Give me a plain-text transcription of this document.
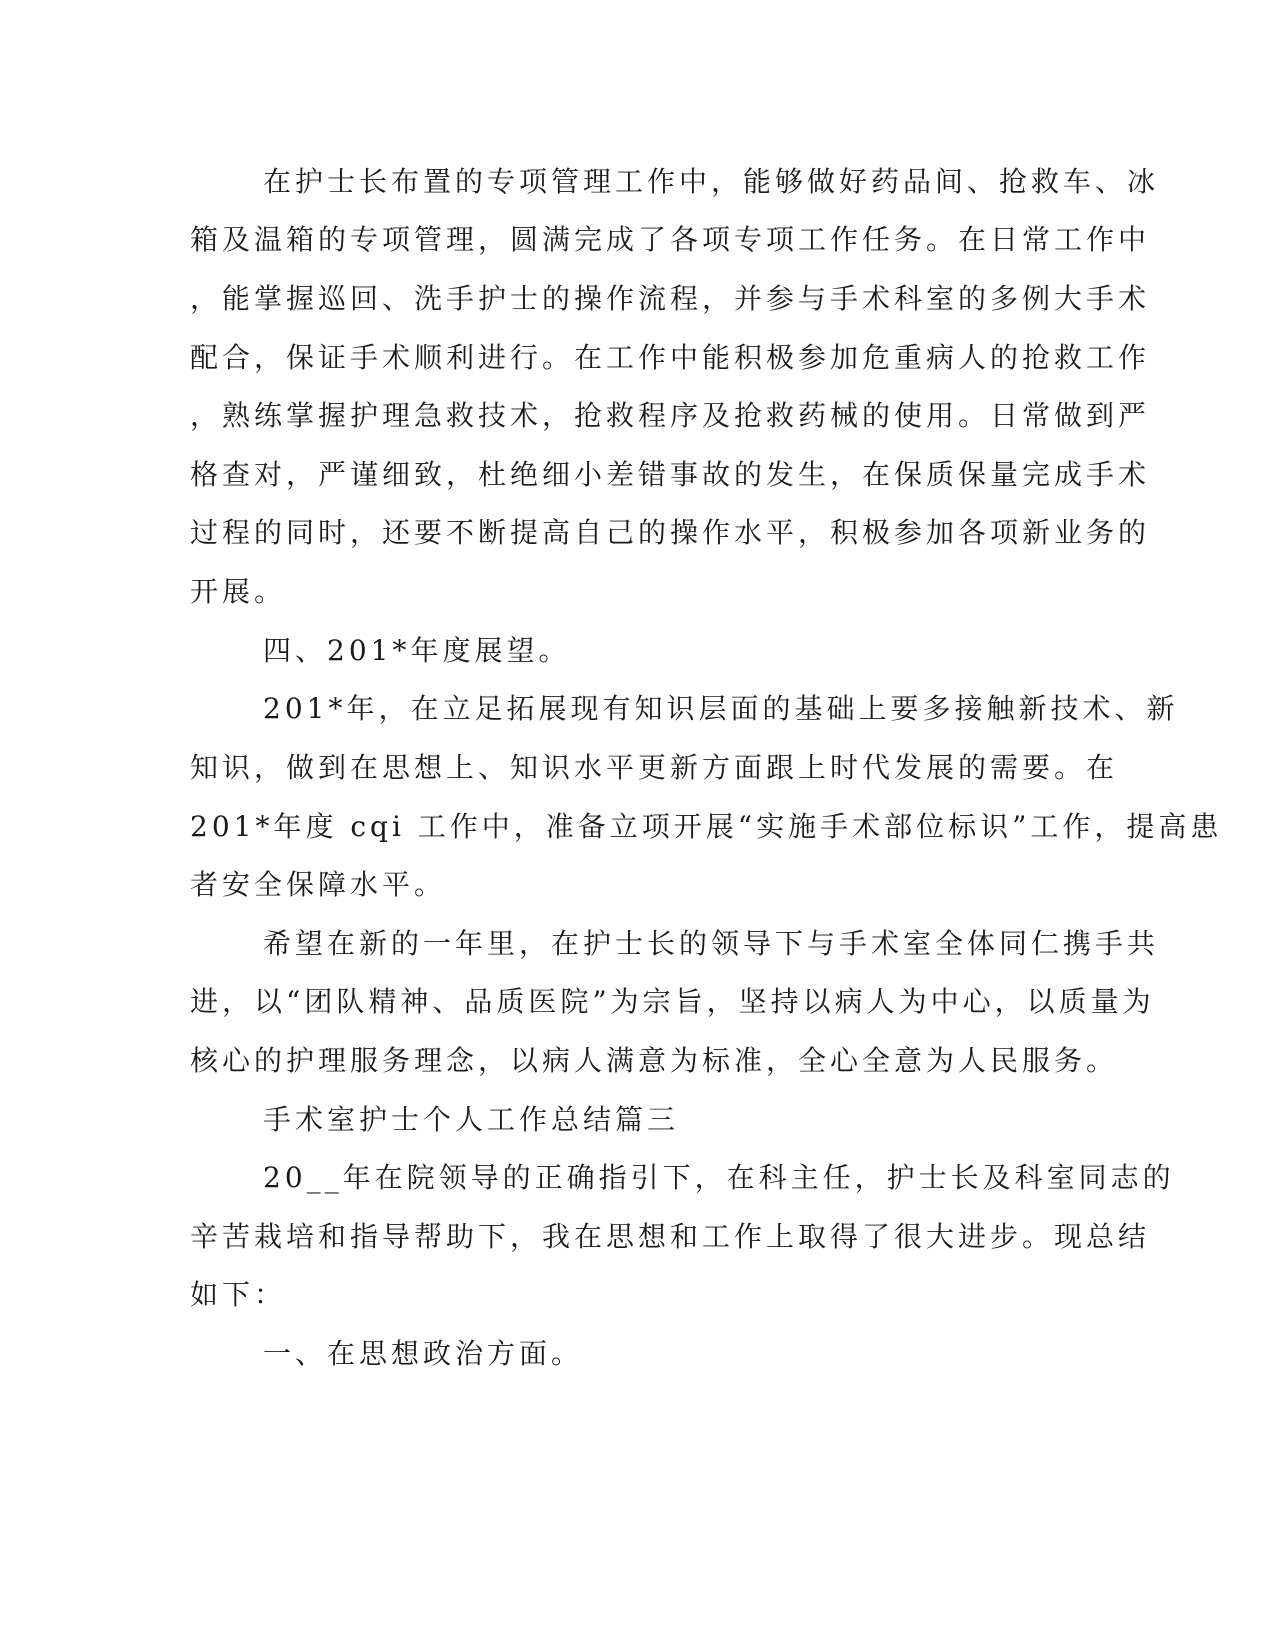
在护士长布置的专项管理工作中，能够做好药品间、抢救车、冰
箱及温箱的专项管理，圆满完成了各项专项工作任务。在日常工作中
，能掌握巡回、洗手护士的操作流程，并参与手术科室的多例大手术
配合，保证手术顺利进行。在工作中能积极参加危重病人的抢救工作
，熟练掌握护理急救技术，抢救程序及抢救药械的使用。日常做到严
格查对，严谨细致，杜绝细小差错事故的发生，在保质保量完成手术
过程的同时，还要不断提高自己的操作水平，积极参加各项新业务的
开展。
四、201*年度展望。
201*年，在立足拓展现有知识层面的基础上要多接触新技术、新
知识，做到在思想上、知识水平更新方面跟上时代发展的需要。在
201*年度 cqi 工作中，准备立项开展“实施手术部位标识”工作，提高患
者安全保障水平。
希望在新的一年里，在护士长的领导下与手术室全体同仁携手共
进，以“团队精神、品质医院”为宗旨，坚持以病人为中心，以质量为
核心的护理服务理念，以病人满意为标准，全心全意为人民服务。
手术室护士个人工作总结篇三
20__年在院领导的正确指引下，在科主任，护士长及科室同志的
辛苦栽培和指导帮助下，我在思想和工作上取得了很大进步。现总结
如下：
一、在思想政治方面。
